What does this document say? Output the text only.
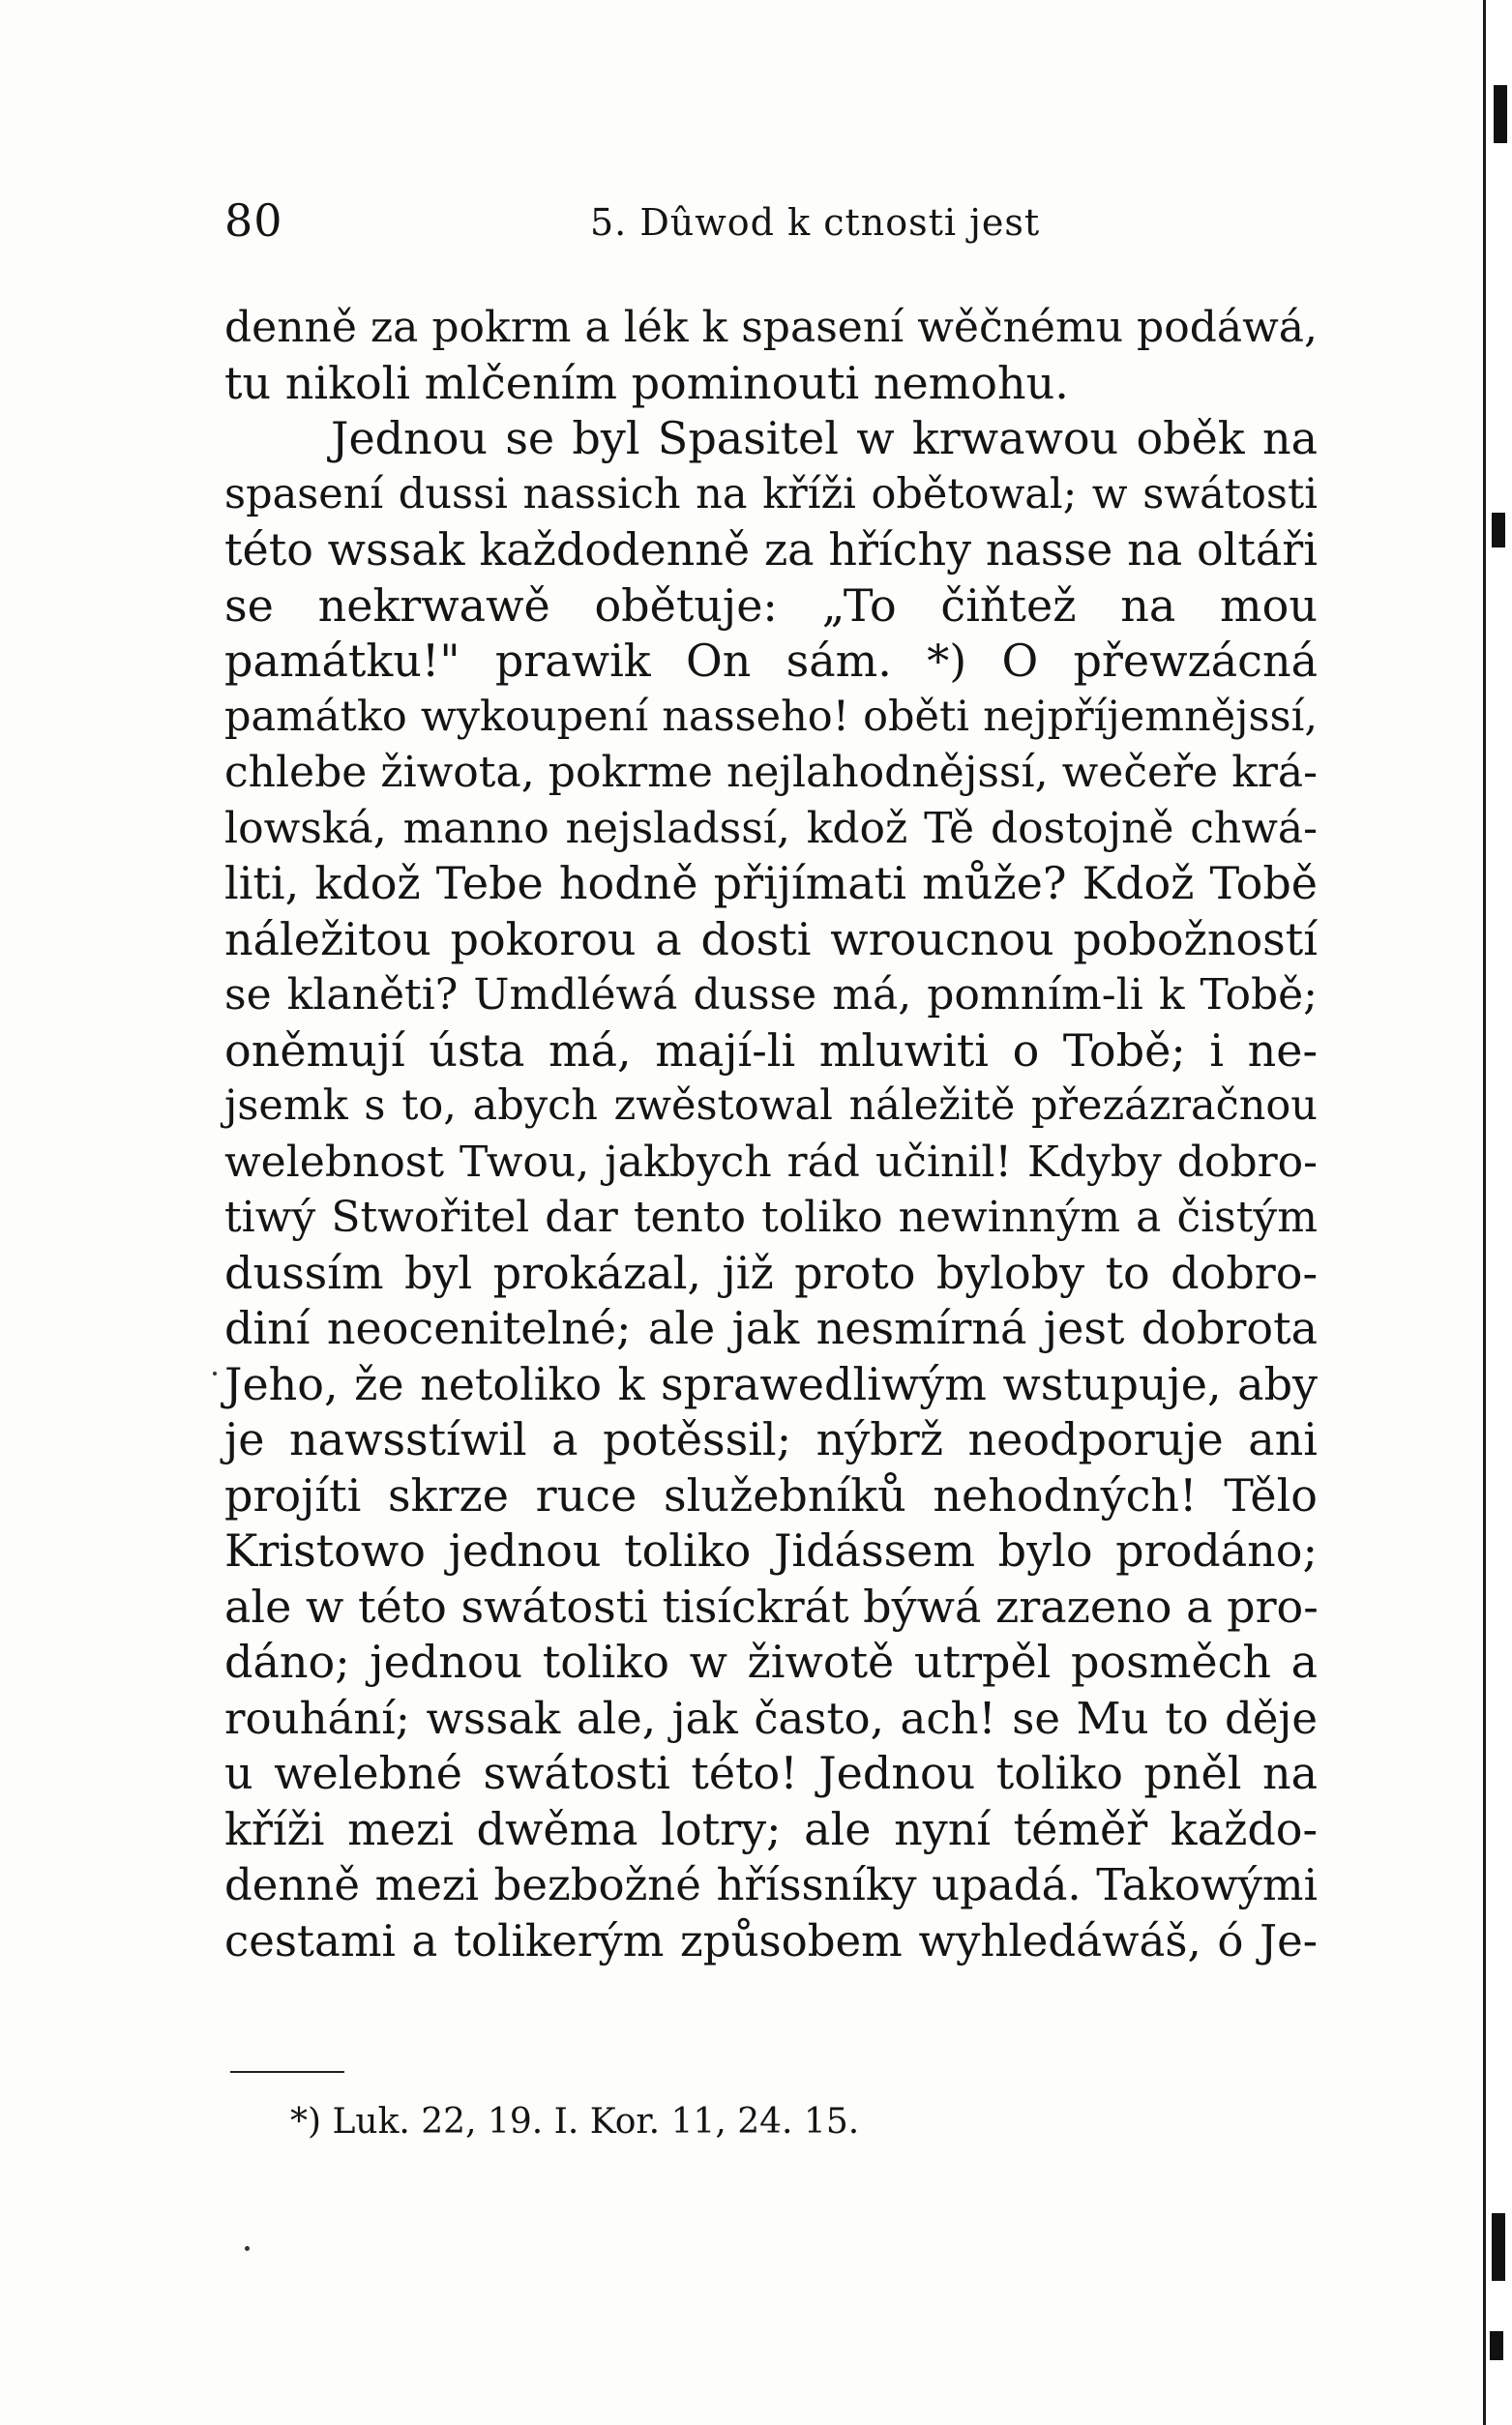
80	5. Dûwod k ctnosti jest
denně za pokrm a lék k spasení wěčnému podáwá,
tu nikoli mlčením pominouti nemohu.
Jednou se byl Spasitel w krwawou oběk na
spasení dussi nassich na kříži obětowal; w swátosti
této wssak každodenně za hříchy nasse na oltáři
se nekrwawě obětuje: „To čiňtež na mou
památku!" prawik On sám. *) O přewzácná
památko wykoupení nasseho! oběti nejpříjemnějssí,
chlebe žiwota, pokrme nejlahodnějssí, wečeře krá-
lowská, manno nejsladssí, kdož Tě dostojně chwá-
liti, kdož Tebe hodně přijímati může? Kdož Tobě
náležitou pokorou a dosti wroucnou pobožností
se klaněti? Umdléwá dusse má, pomním-li k Tobě;
oněmují ústa má, mají-li mluwiti o Tobě; i ne-
jsemk s to, abych zwěstowal náležitě přezázračnou
welebnost Twou, jakbych rád učinil! Kdyby dobro-
tiwý Stwořitel dar tento toliko newinným a čistým
dussím byl prokázal, již proto byloby to dobro-
diní neocenitelné; ale jak nesmírná jest dobrota
Jeho, že netoliko k sprawedliwým wstupuje, aby
je nawsstíwil a potěssil; nýbrž neodporuje ani
projíti skrze ruce služebníků nehodných! Tělo
Kristowo jednou toliko Jidássem bylo prodáno;
ale w této swátosti tisíckrát býwá zrazeno a pro-
dáno; jednou toliko w žiwotě utrpěl posměch a
rouhání; wssak ale, jak často, ach! se Mu to děje
u welebné swátosti této! Jednou toliko pněl na
kříži mezi dwěma lotry; ale nyní téměř každo-
denně mezi bezbožné hříssníky upadá. Takowými
cestami a tolikerým způsobem wyhledáwáš, ó Je-
*) Luk. 22, 19. I. Kor. 11, 24. 15.
